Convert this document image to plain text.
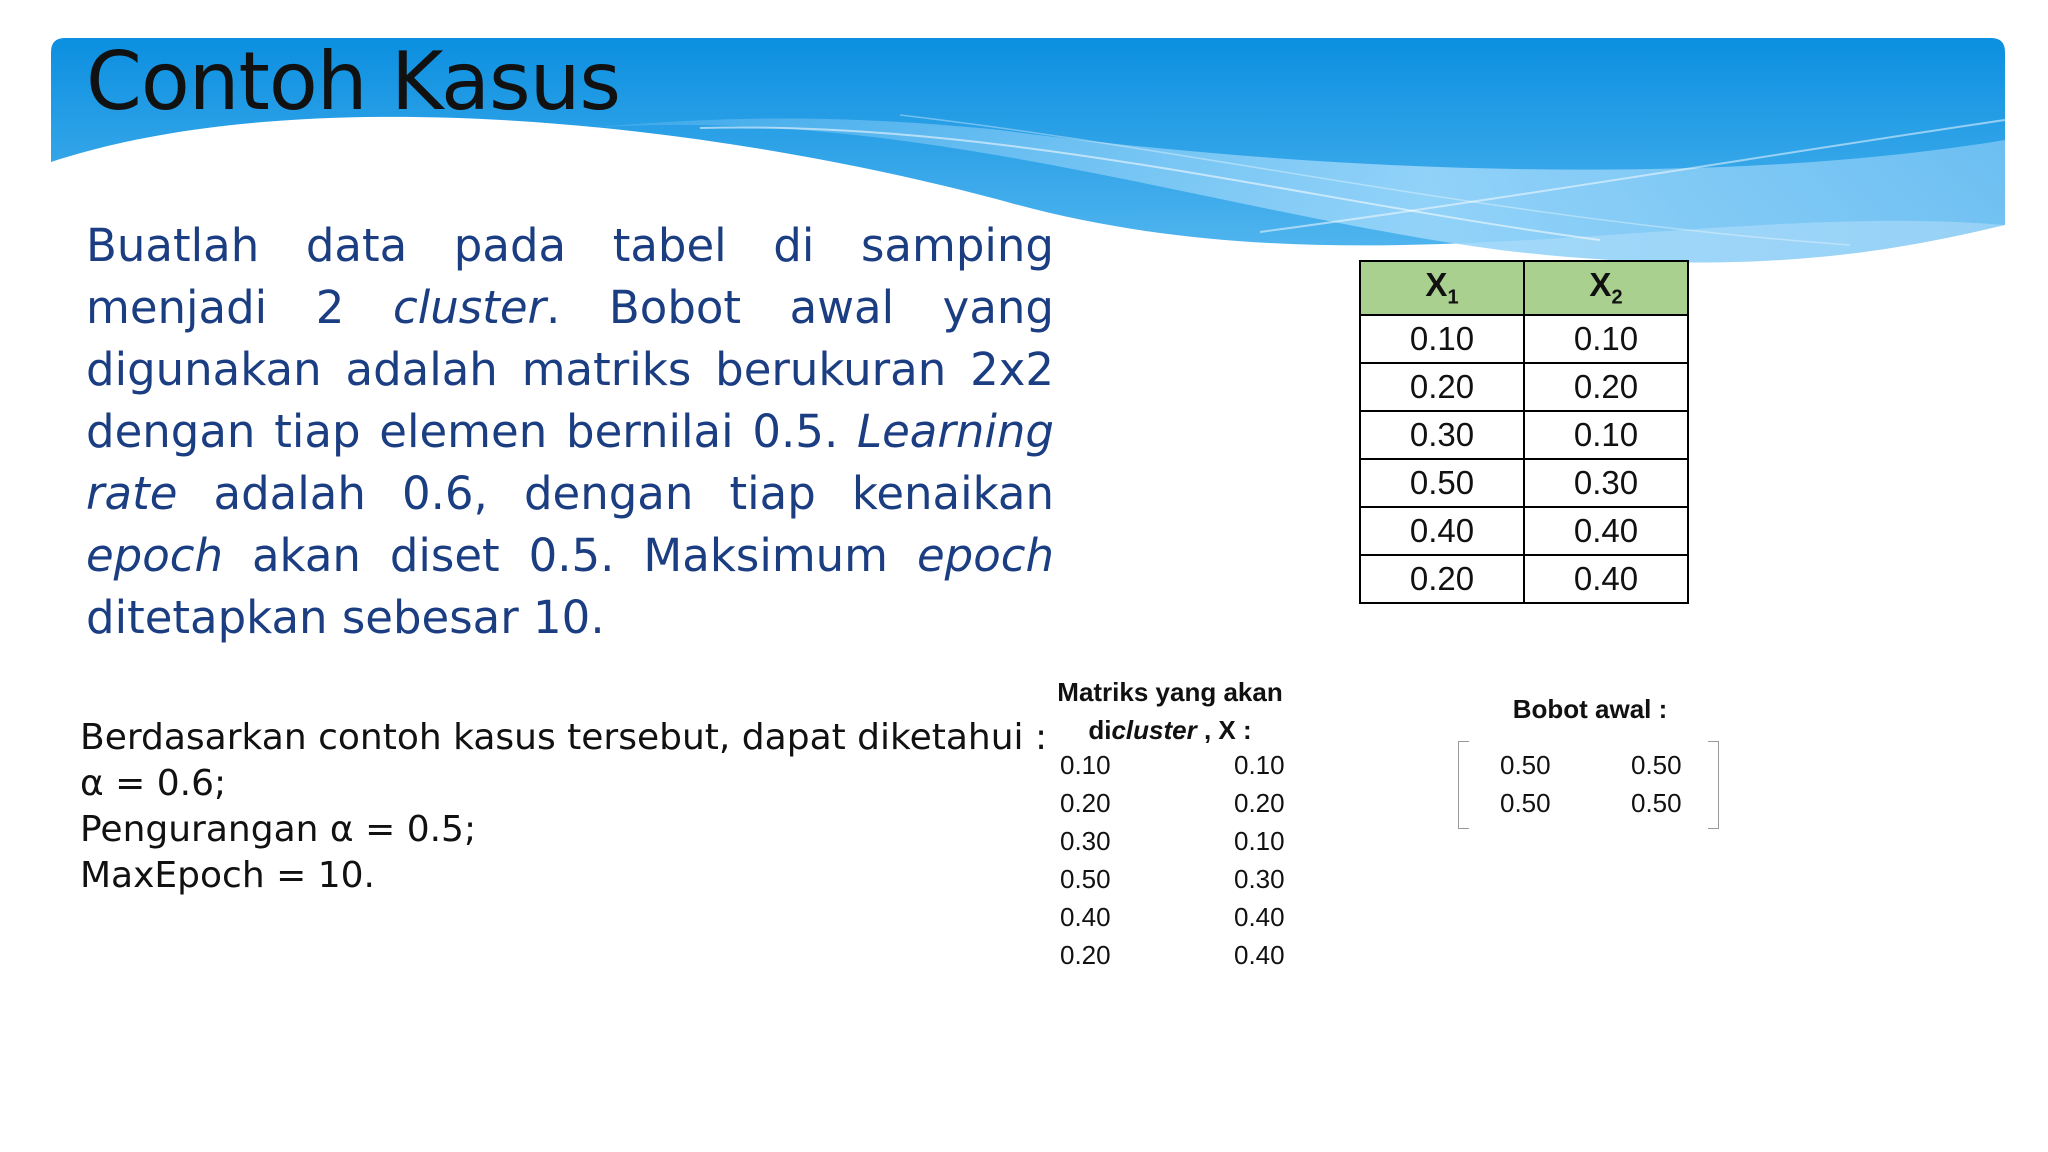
Contoh Kasus
Buatlah data pada tabel di samping menjadi 2 cluster. Bobot awal yang digunakan adalah matriks berukuran 2x2 dengan tiap elemen bernilai 0.5. Learning rate adalah 0.6, dengan tiap kenaikan epoch akan diset 0.5. Maksimum epoch ditetapkan sebesar 10.
$X_1$	$X_2$
0.10	0.10
0.20	0.20
0.30	0.10
0.50	0.30
0.40	0.40
0.20	0.40
Berdasarkan contoh kasus tersebut, dapat diketahui :
α = 0.6;
Pengurangan α = 0.5;
MaxEpoch = 10.
Matriks yang akan
dicluster , X :
0.10	0.10
0.20	0.20
0.30	0.10
0.50	0.30
0.40	0.40
0.20	0.40
Bobot awal :
0.50	0.50
0.50	0.50
